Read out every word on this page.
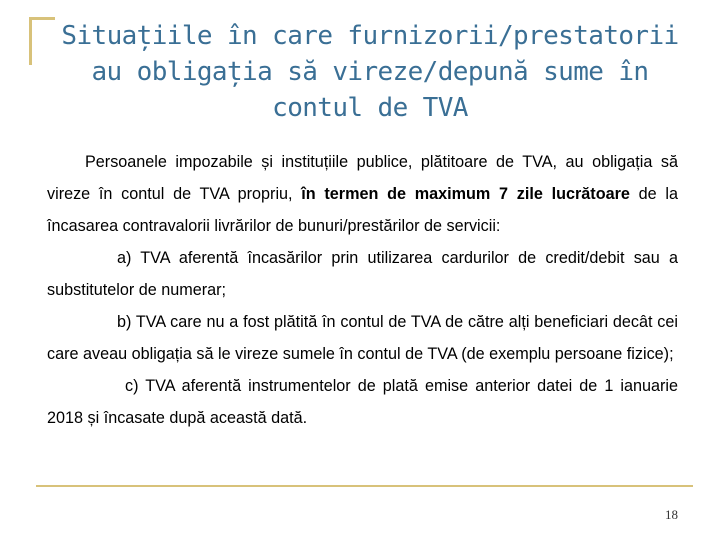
Situațiile în care furnizorii/prestatorii au obligația să vireze/depună sume în contul de TVA

Persoanele impozabile și instituțiile publice, plătitoare de TVA, au obligația să vireze în contul de TVA propriu, în termen de maximum 7 zile lucrătoare de la încasarea contravalorii livrărilor de bunuri/prestărilor de servicii:

a) TVA aferentă încasărilor prin utilizarea cardurilor de credit/debit sau a substitutelor de numerar;

b) TVA care nu a fost plătită în contul de TVA de către alți beneficiari decât cei care aveau obligația să le vireze sumele în contul de TVA (de exemplu persoane fizice);

c) TVA aferentă instrumentelor de plată emise anterior datei de 1 ianuarie 2018 și încasate după această dată.

18
